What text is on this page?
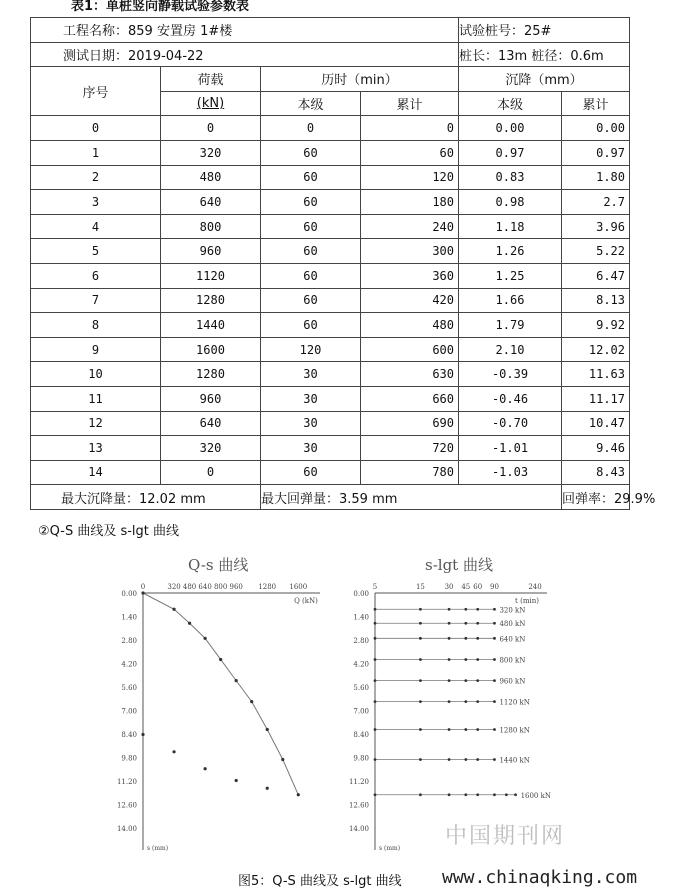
表1：单桩竖向静载试验参数表
工程名称：859 安置房 1#楼				试验桩号：25#	
测试日期：2019-04-22				桩长：13m 桩径：0.6m	
序号	荷载	历时（min）		沉降（mm）	
	(kN)	本级	累计	本级	累计
0	0	0	0	0.00	0.00
1	320	60	60	0.97	0.97
2	480	60	120	0.83	1.80
3	640	60	180	0.98	2.7
4	800	60	240	1.18	3.96
5	960	60	300	1.26	5.22
6	1120	60	360	1.25	6.47
7	1280	60	420	1.66	8.13
8	1440	60	480	1.79	9.92
9	1600	120	600	2.10	12.02
10	1280	30	630	-0.39	11.63
11	960	30	660	-0.46	11.17
12	640	30	690	-0.70	10.47
13	320	30	720	-1.01	9.46
14	0	60	780	-1.03	8.43
最大沉降量：12.02 mm		最大回弹量：3.59 mm			回弹率：29.9%
②Q-S 曲线及 s-lgt 曲线
Q-s 曲线
0	320 480 640 800 960 1280 1600
Q (kN)
0.00
1.40
2.80
4.20
5.60
7.00
8.40
9.80
11.20
12.60
14.00
s (mm)
s-lgt 曲线
5	15	30 45 60 90	240
t (min)
0.00
1.40
2.80
4.20
5.60
7.00
8.40
9.80
11.20
12.60
14.00
s (mm)
320 kN
480 kN
640 kN
800 kN
960 kN
1120 kN
1280 kN
1440 kN
1600 kN
图5：Q-S 曲线及 s-lgt 曲线
中国期刊网
www.chinaqking.com
